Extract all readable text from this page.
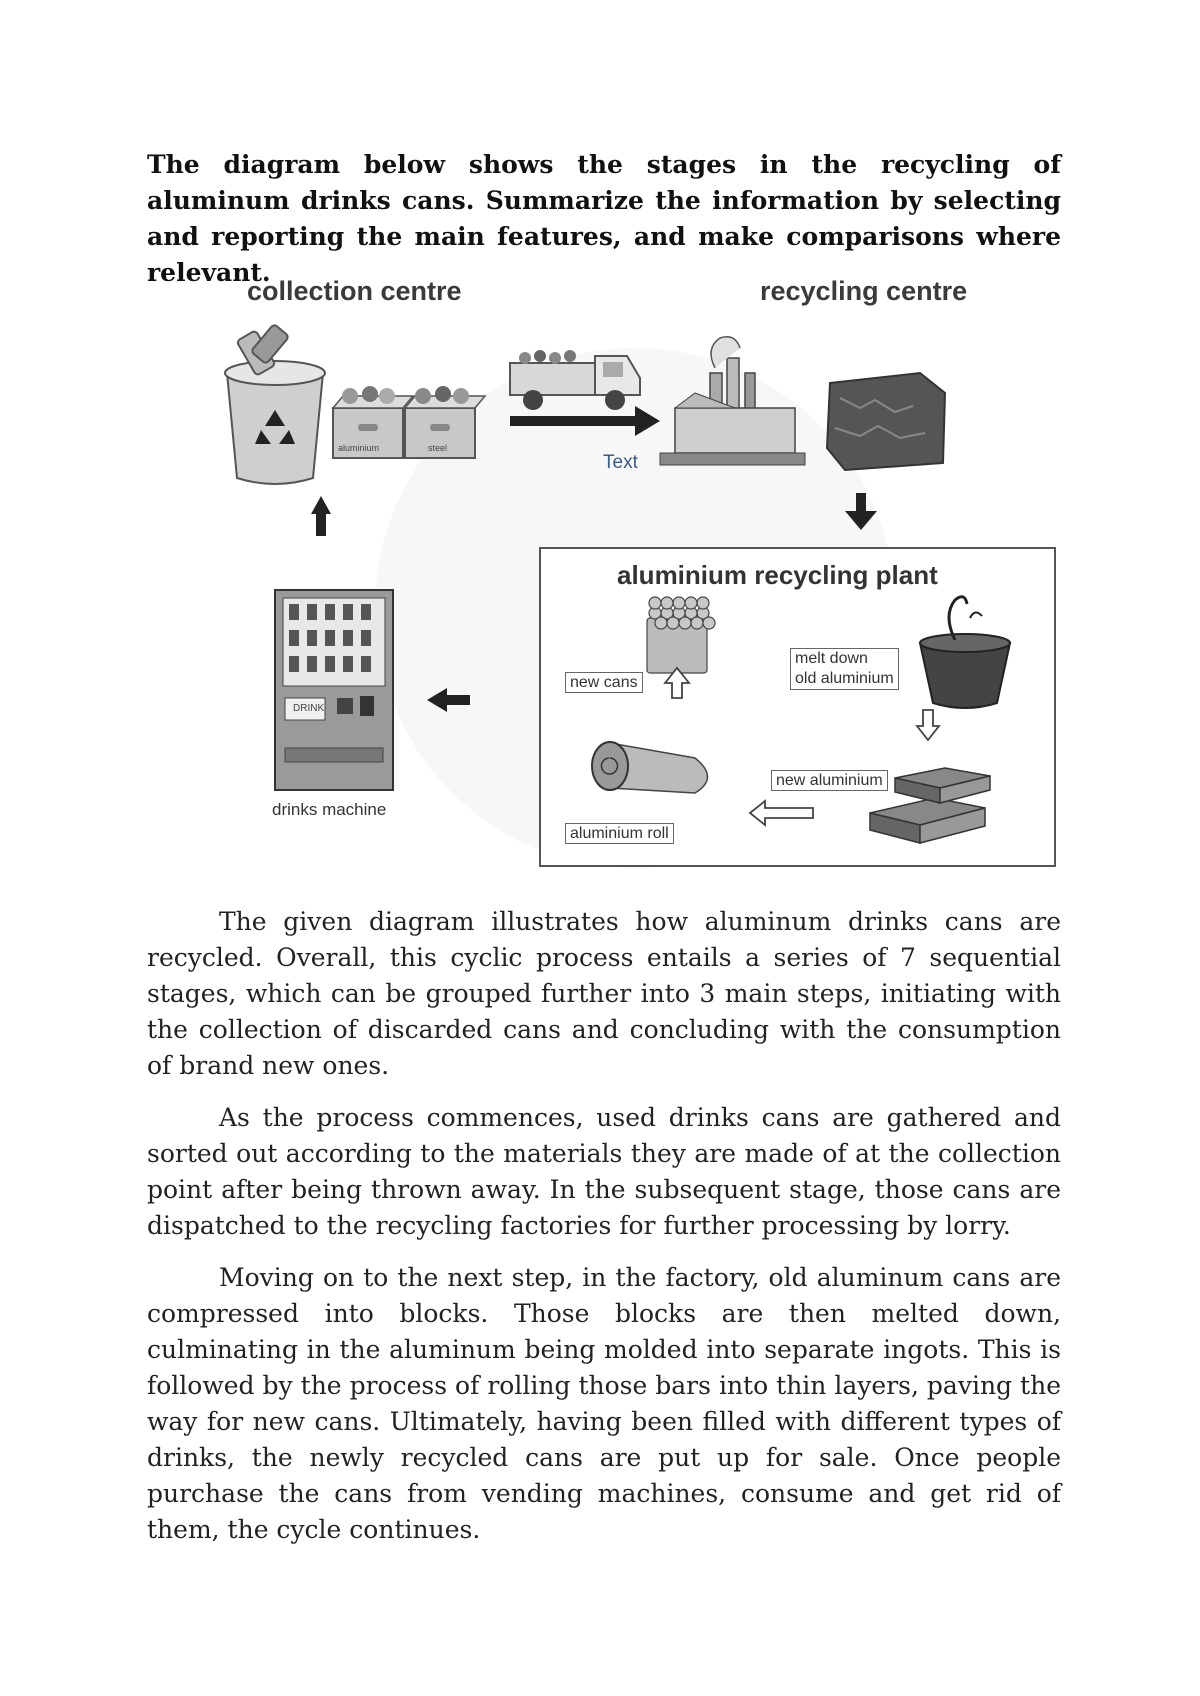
The diagram below shows the stages in the recycling of aluminum drinks cans. Summarize the information by selecting and reporting the main features, and make comparisons where relevant.
collection centre	recycling centre
aluminium	steel
Text
aluminium recycling plant
new cans
melt down
old aluminium
new aluminium
aluminium roll
DRINK
drinks machine

The given diagram illustrates how aluminum drinks cans are recycled. Overall, this cyclic process entails a series of 7 sequential stages, which can be grouped further into 3 main steps, initiating with the collection of discarded cans and concluding with the consumption of brand new ones.

As the process commences, used drinks cans are gathered and sorted out according to the materials they are made of at the collection point after being thrown away. In the subsequent stage, those cans are dispatched to the recycling factories for further processing by lorry.

Moving on to the next step, in the factory, old aluminum cans are compressed into blocks. Those blocks are then melted down, culminating in the aluminum being molded into separate ingots. This is followed by the process of rolling those bars into thin layers, paving the way for new cans. Ultimately, having been filled with different types of drinks, the newly recycled cans are put up for sale. Once people purchase the cans from vending machines, consume and get rid of them, the cycle continues.
